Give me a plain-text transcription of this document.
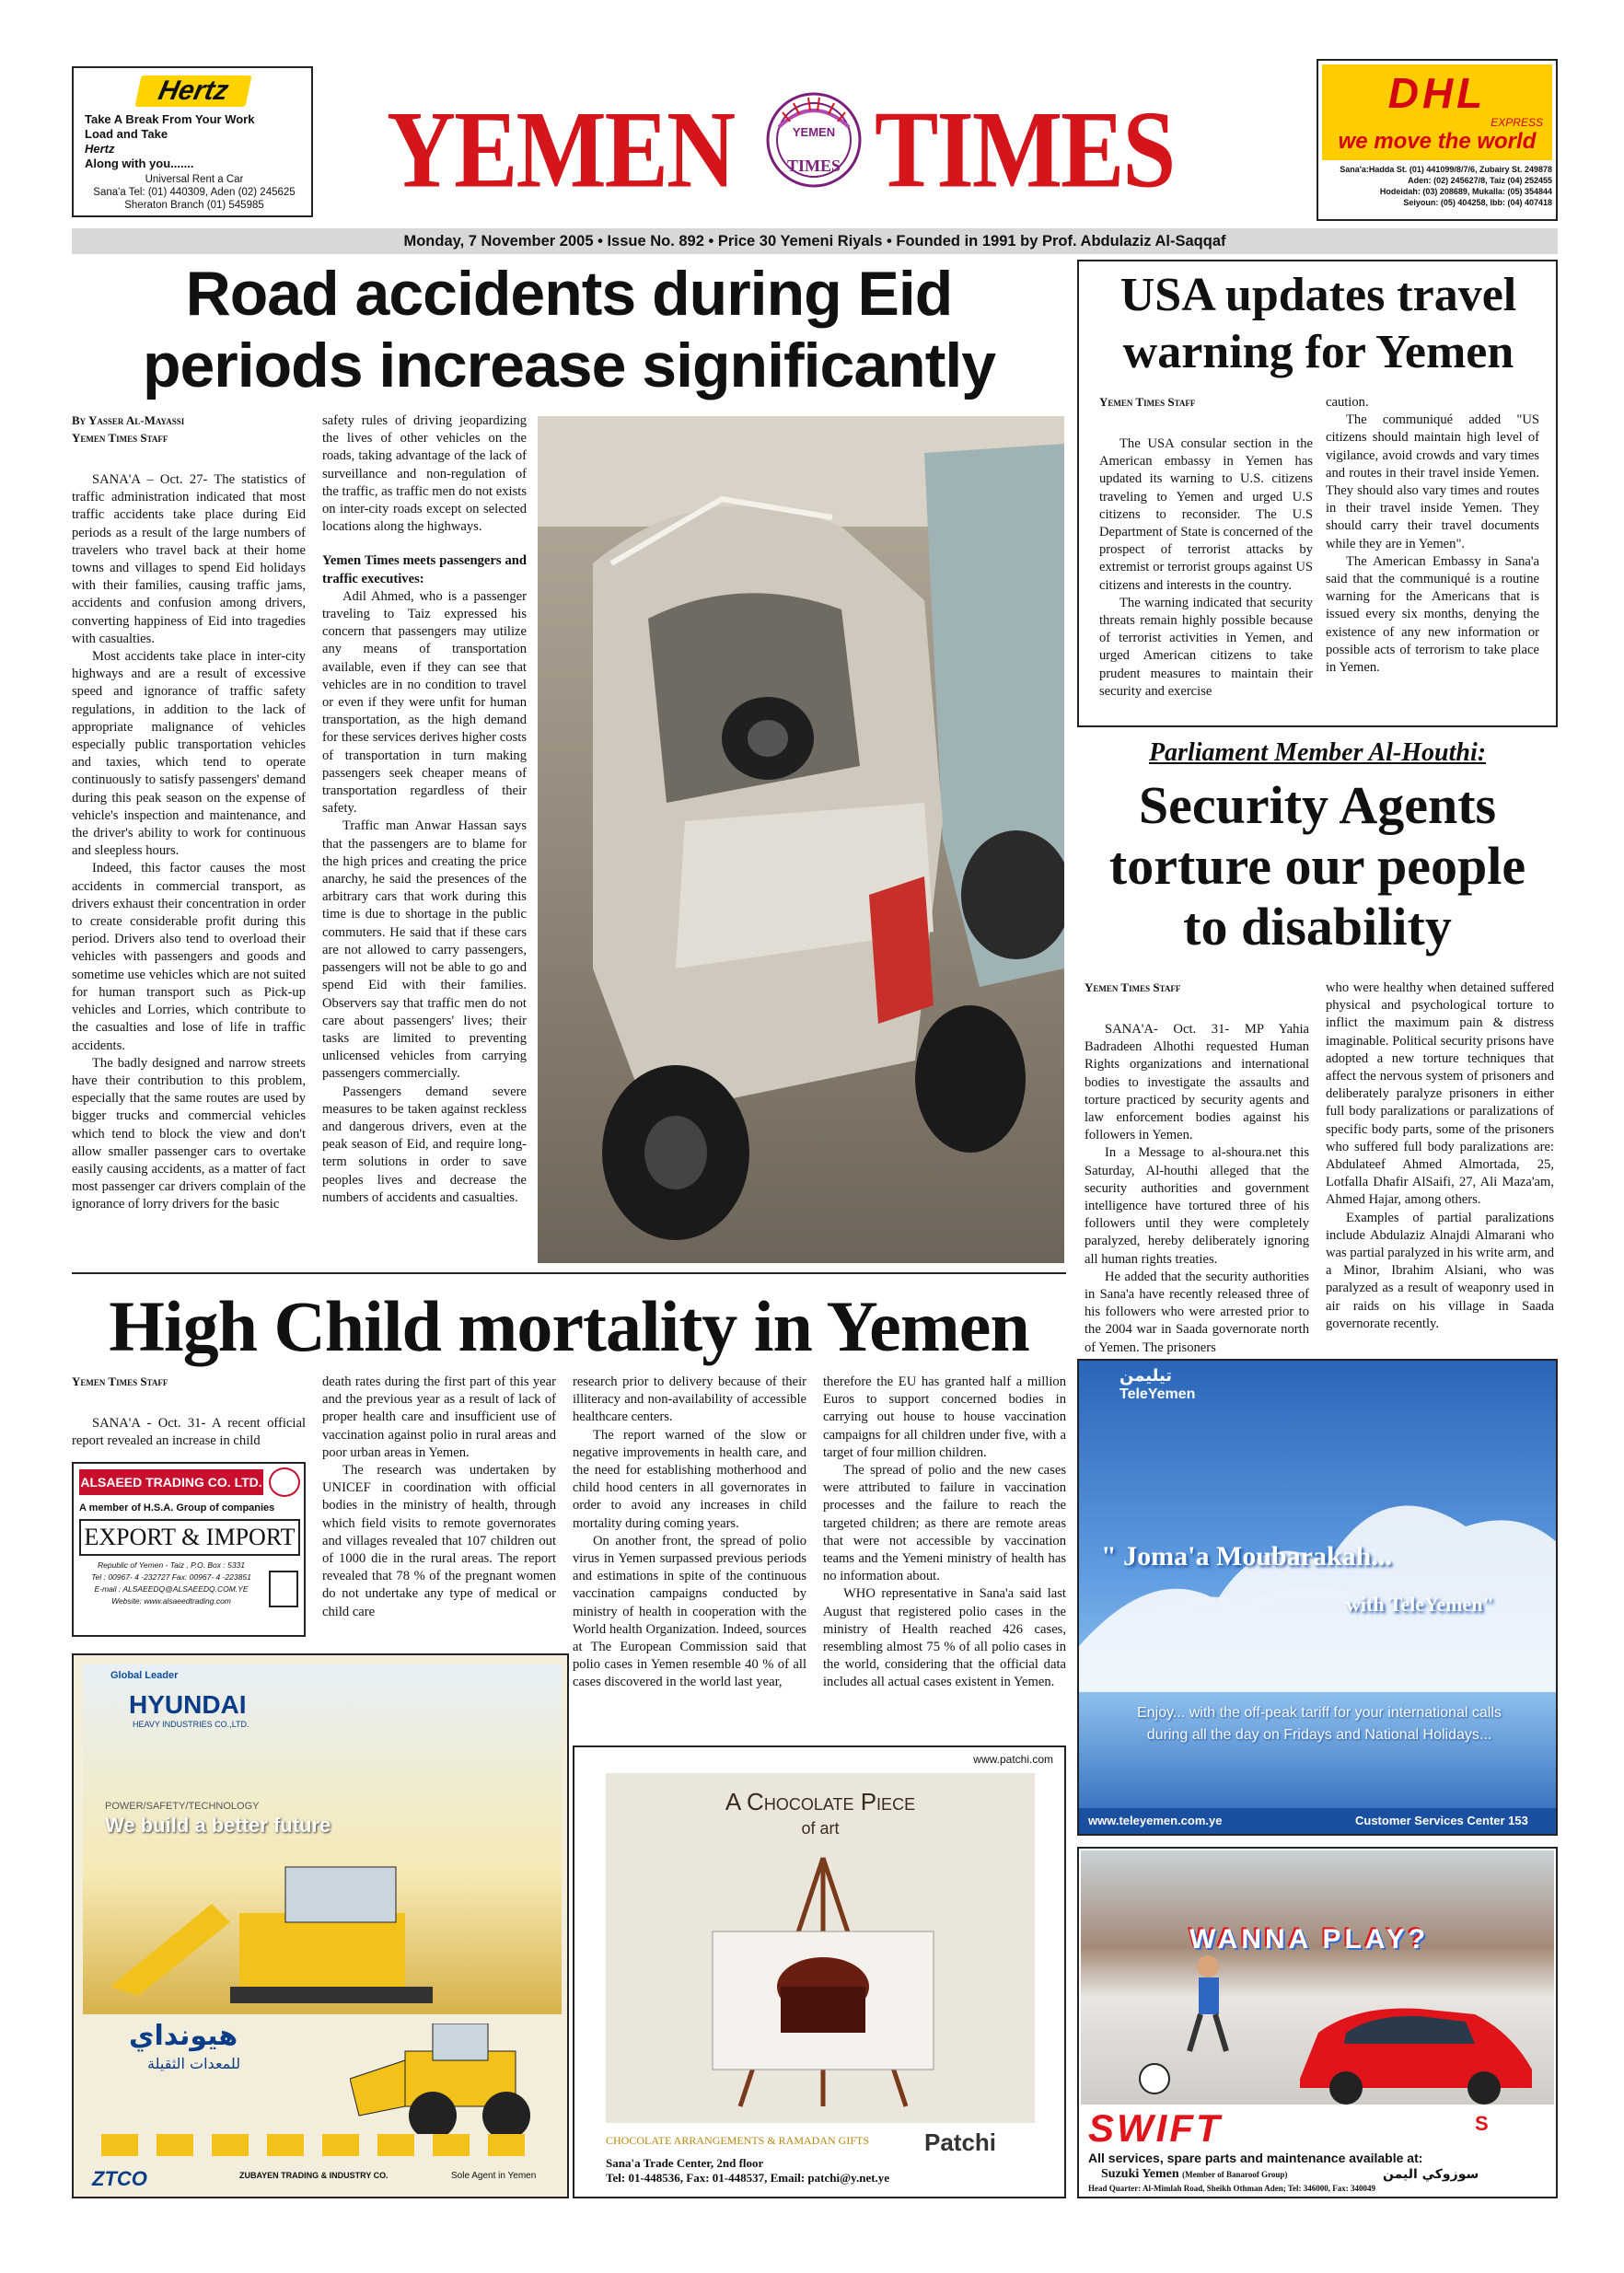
Hertz
Take A Break From Your Work
Load and Take
Hertz
Along with you.......
Universal Rent a Car
Sana'a Tel: (01) 440309, Aden (02) 245625
Sheraton Branch (01) 545985	YEMEN	YEMEN
TIMES TIMES	DHL
EXPRESS
we move the world
Sana'a:Hadda St. (01) 441099/8/7/6, Zubairy St. 249878
Aden: (02) 245627/8, Taiz (04) 252455
Hodeidah: (03) 208689, Mukalla: (05) 354844
Seiyoun: (05) 404258, Ibb: (04) 407418
Monday, 7 November 2005 • Issue No. 892 • Price 30 Yemeni Riyals • Founded in 1991 by Prof. Abdulaziz Al-Saqqaf
Road accidents during Eid
periods increase significantly
By Yasser Al-Mayassi
Yemen Times Staff

SANA'A – Oct. 27- The statistics of traffic administration indicated that most traffic accidents take place during Eid periods as a result of the large numbers of travelers who travel back at their home towns and villages to spend Eid holidays with their families, causing traffic jams, accidents and confusion among drivers, converting happiness of Eid into tragedies with casualties.

Most accidents take place in inter-city highways and are a result of excessive speed and ignorance of traffic safety regulations, in addition to the lack of appropriate malignance of vehicles especially public transportation vehicles and taxies, which tend to operate continuously to satisfy passengers' demand during this peak season on the expense of vehicle's inspection and maintenance, and the driver's ability to work for continuous and sleepless hours.

Indeed, this factor causes the most accidents in commercial transport, as drivers exhaust their concentration in order to create considerable profit during this period. Drivers also tend to overload their vehicles with passengers and goods and sometime use vehicles which are not suited for human transport such as Pick-up vehicles and Lorries, which contribute to the casualties and lose of life in traffic accidents.

The badly designed and narrow streets have their contribution to this problem, especially that the same routes are used by bigger trucks and commercial vehicles which tend to block the view and don't allow smaller passenger cars to overtake easily causing accidents, as a matter of fact most passenger car drivers complain of the ignorance of lorry drivers for the basic

safety rules of driving jeopardizing the lives of other vehicles on the roads, taking advantage of the lack of surveillance and non-regulation of the traffic, as traffic men do not exists on inter-city roads except on selected locations along the highways.
Yemen Times meets passengers and traffic executives:

Adil Ahmed, who is a passenger traveling to Taiz expressed his concern that passengers may utilize any means of transportation available, even if they can see that vehicles are in no condition to travel or even if they were unfit for human transportation, as the high demand for these services derives higher costs of transportation in turn making passengers seek cheaper means of transportation regardless of their safety.

Traffic man Anwar Hassan says that the passengers are to blame for the high prices and creating the price anarchy, he said the presences of the arbitrary cars that work during this time is due to shortage in the public commuters. He said that if these cars are not allowed to carry passengers, passengers will not be able to go and spend Eid with their families. Observers say that traffic men do not care about passengers' lives; their tasks are limited to preventing unlicensed vehicles from carrying passengers commercially.

Passengers demand severe measures to be taken against reckless and dangerous drivers, even at the peak season of Eid, and require long-term solutions in order to save peoples lives and decrease the numbers of accidents and casualties.

USA updates travel warning for Yemen
Yemen Times Staff

The USA consular section in the American embassy in Yemen has updated its warning to U.S. citizens traveling to Yemen and urged U.S citizens to reconsider. The U.S Department of State is concerned of the prospect of terrorist attacks by extremist or terrorist groups against US citizens and interests in the country.

The warning indicated that security threats remain highly possible because of terrorist activities in Yemen, and urged American citizens to take prudent measures to maintain their security and exercise

caution.

The communiqué added "US citizens should maintain high level of vigilance, avoid crowds and vary times and routes in their travel inside Yemen. They should also vary times and routes in their travel inside Yemen. They should carry their travel documents while they are in Yemen".

The American Embassy in Sana'a said that the communiqué is a routine warning for the Americans that is issued every six months, denying the existence of any new information or possible acts of terrorism to take place in Yemen.

Parliament Member Al-Houthi:
Security Agents
torture our people
to disability
Yemen Times Staff

SANA'A- Oct. 31- MP Yahia Badradeen Alhothi requested Human Rights organizations and international bodies to investigate the assaults and torture practiced by security agents and law enforcement bodies against his followers in Yemen.

In a Message to al-shoura.net this Saturday, Al-houthi alleged that the security authorities and government intelligence have tortured three of his followers until they were completely paralyzed, hereby deliberately ignoring all human rights treaties.

He added that the security authorities in Sana'a have recently released three of his followers who were arrested prior to the 2004 war in Saada governorate north of Yemen. The prisoners

who were healthy when detained suffered physical and psychological torture to inflict the maximum pain & distress imaginable. Political security prisons have adopted a new torture techniques that affect the nervous system of prisoners and deliberately paralyze prisoners in either full body paralizations or paralizations of specific body parts, some of the prisoners who suffered full body paralizations are: Abdulateef Ahmed Almortada, 25, Lotfalla Dhafir AlSaifi, 27, Ali Maza'am, Ahmed Hajar, among others.

Examples of partial paralizations include Abdulaziz Alnajdi Almarani who was partial paralyzed in his write arm, and a Minor, Ibrahim Alsiani, who was paralyzed as a result of weaponry used in air raids on his village in Saada governorate recently.

High Child mortality in Yemen
Yemen Times Staff

SANA'A - Oct. 31- A recent official report revealed an increase in child

death rates during the first part of this year and the previous year as a result of lack of proper health care and insufficient use of vaccination against polio in rural areas and poor urban areas in Yemen.

The research was undertaken by UNICEF in coordination with official bodies in the ministry of health, through which field visits to remote governorates and villages revealed that 107 children out of 1000 die in the rural areas. The report revealed that 78 % of the pregnant women do not undertake any type of medical or child care

research prior to delivery because of their illiteracy and non-availability of accessible healthcare centers.

The report warned of the slow or negative improvements in health care, and the need for establishing motherhood and child hood centers in all governorates in order to avoid any increases in child mortality during coming years.

On another front, the spread of polio virus in Yemen surpassed previous periods and estimations in spite of the continuous vaccination campaigns conducted by ministry of health in cooperation with the World health Organization. Indeed, sources at The European Commission said that polio cases in Yemen resemble 40 % of all cases discovered in the world last year,

therefore the EU has granted half a million Euros to support concerned bodies in carrying out house to house vaccination campaigns for all children under five, with a target of four million children.

The spread of polio and the new cases were attributed to failure in vaccination processes and the failure to reach the targeted children; as there are remote areas that were not accessible by vaccination teams and the Yemeni ministry of health has no information about.

WHO representative in Sana'a said last August that registered polio cases in the ministry of Health reached 426 cases, resembling almost 75 % of all polio cases in the world, considering that the official data includes all actual cases existent in Yemen.

ALSAEED TRADING CO. LTD.
A member of H.S.A. Group of companies
EXPORT & IMPORT
Republic of Yemen - Taiz , P.O. Box : 5331
Tel : 00967- 4 -232727 Fax: 00967- 4 -223851
E-mail : ALSAEEDQ@ALSAEEDQ.COM.YE
Website: www.alsaeedtrading.com
Global Leader
HYUNDAI
HEAVY INDUSTRIES CO.,LTD.
POWER/SAFETY/TECHNOLOGY
We build a better future
هيونداي
للمعدات الثقيلة
ZTCO	ZUBAYEN TRADING & INDUSTRY CO.	Sole Agent in Yemen
www.patchi.com
A Chocolate Piece
of art
CHOCOLATE ARRANGEMENTS & RAMADAN GIFTS Patchi
Sana'a Trade Center, 2nd floor
Tel: 01-448536, Fax: 01-448537, Email: patchi@y.net.ye
تيليمن
TeleYemen
" Joma'a Moubarakah...
with TeleYemen"
Enjoy... with the off-peak tariff for your international calls
during all the day on Fridays and National Holidays...
www.teleyemen.com.ye	Customer Services Center 153
WANNA PLAY?
SWIFT	S
All services, spare parts and maintenance available at:
Suzuki Yemen (Member of Banaroof Group)	سوزوكي اليمن
Head Quarter: Al-Mimlah Road, Sheikh Othman Aden; Tel: 346000, Fax: 340049
